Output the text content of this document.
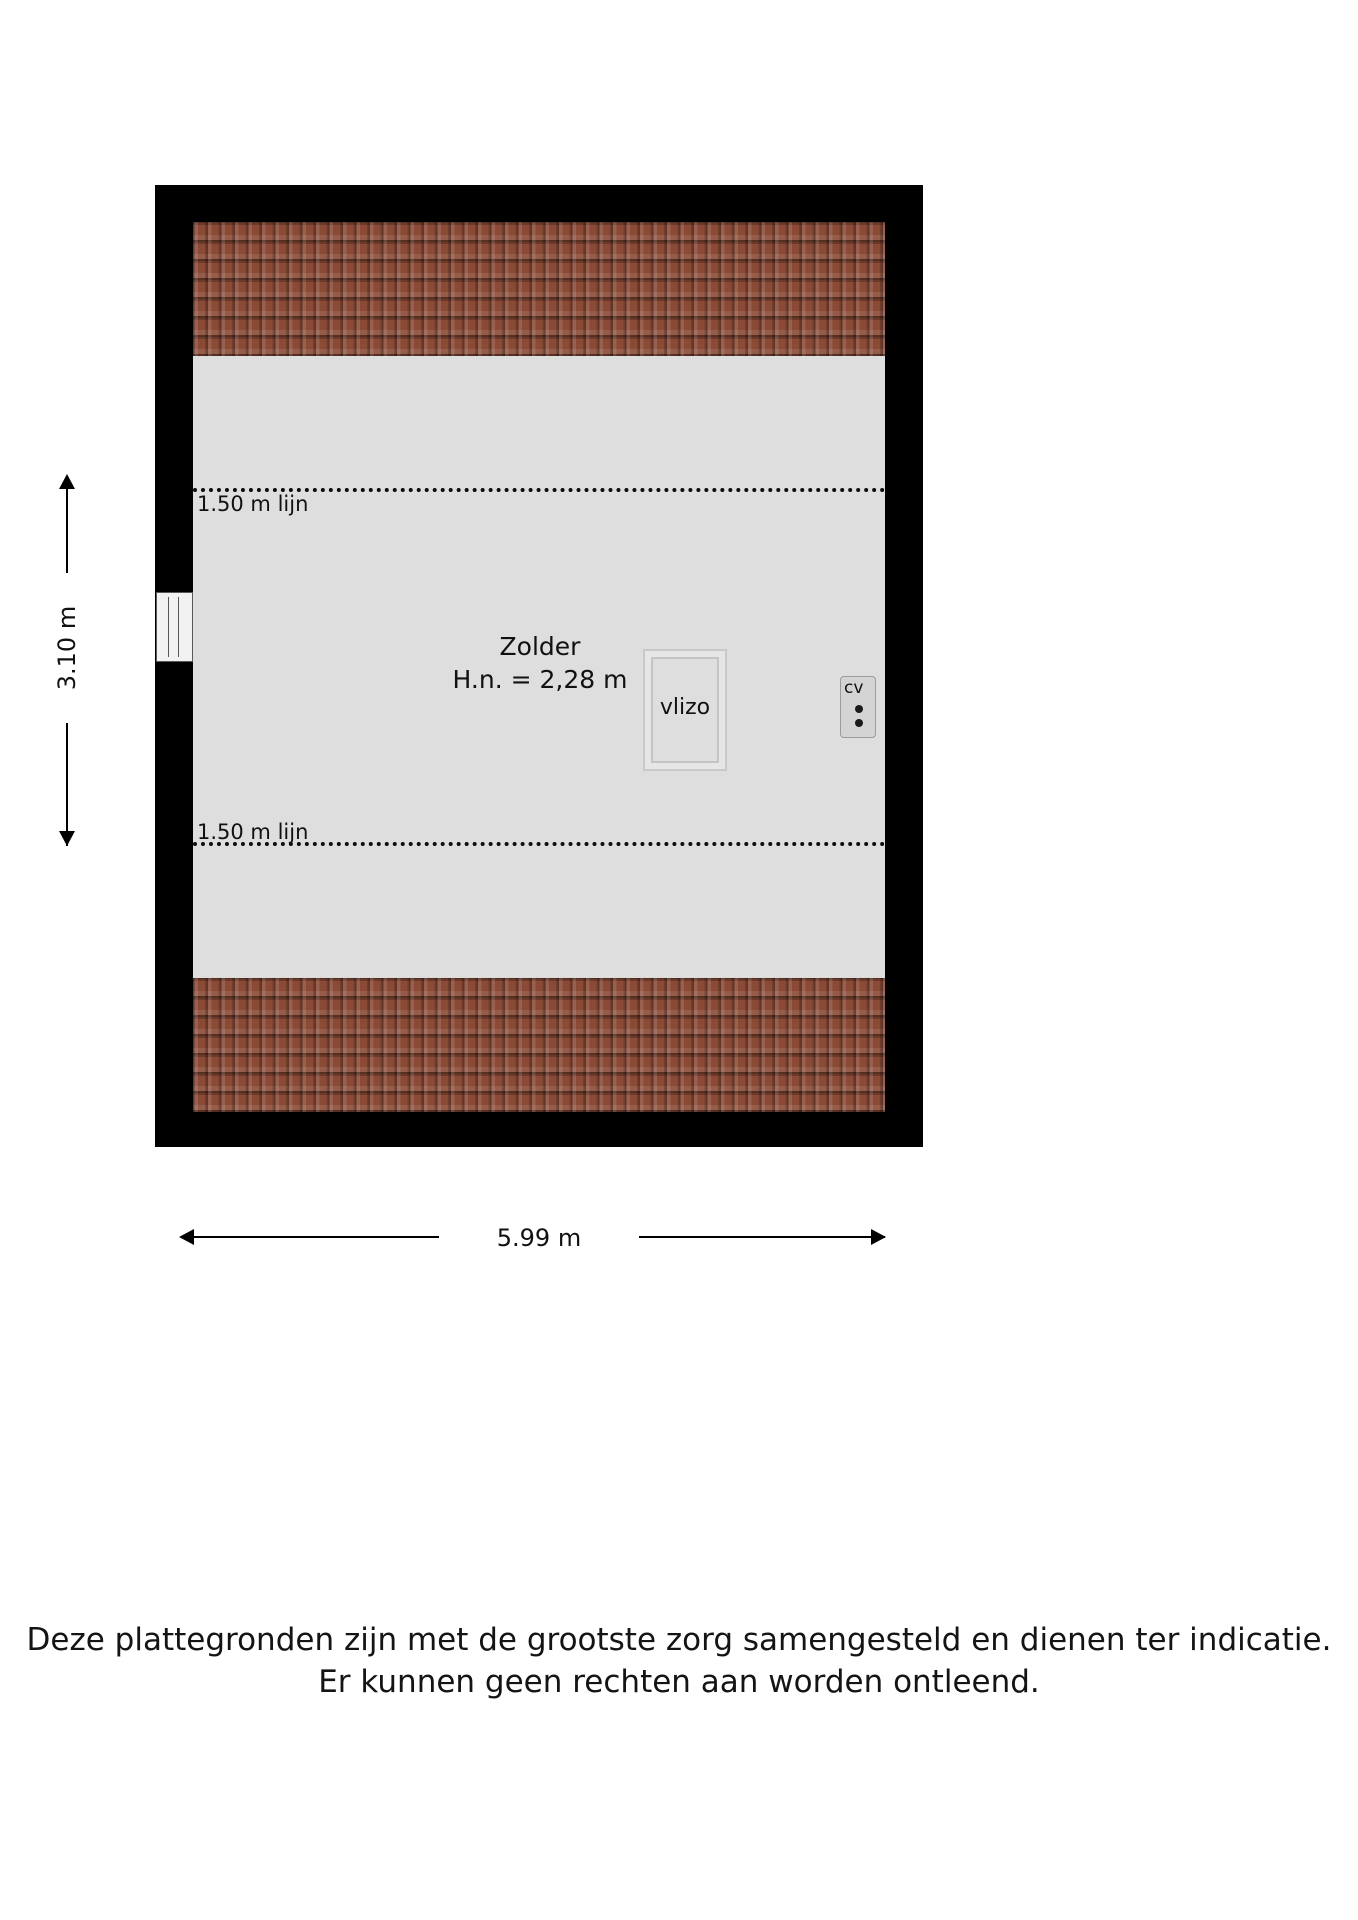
1.50 m lijn
1.50 m lijn
Zolder
H.n. = 2,28 m
vlizo
cv
3.10 m
5.99 m
Deze plattegronden zijn met de grootste zorg samengesteld en dienen ter indicatie.
Er kunnen geen rechten aan worden ontleend.
